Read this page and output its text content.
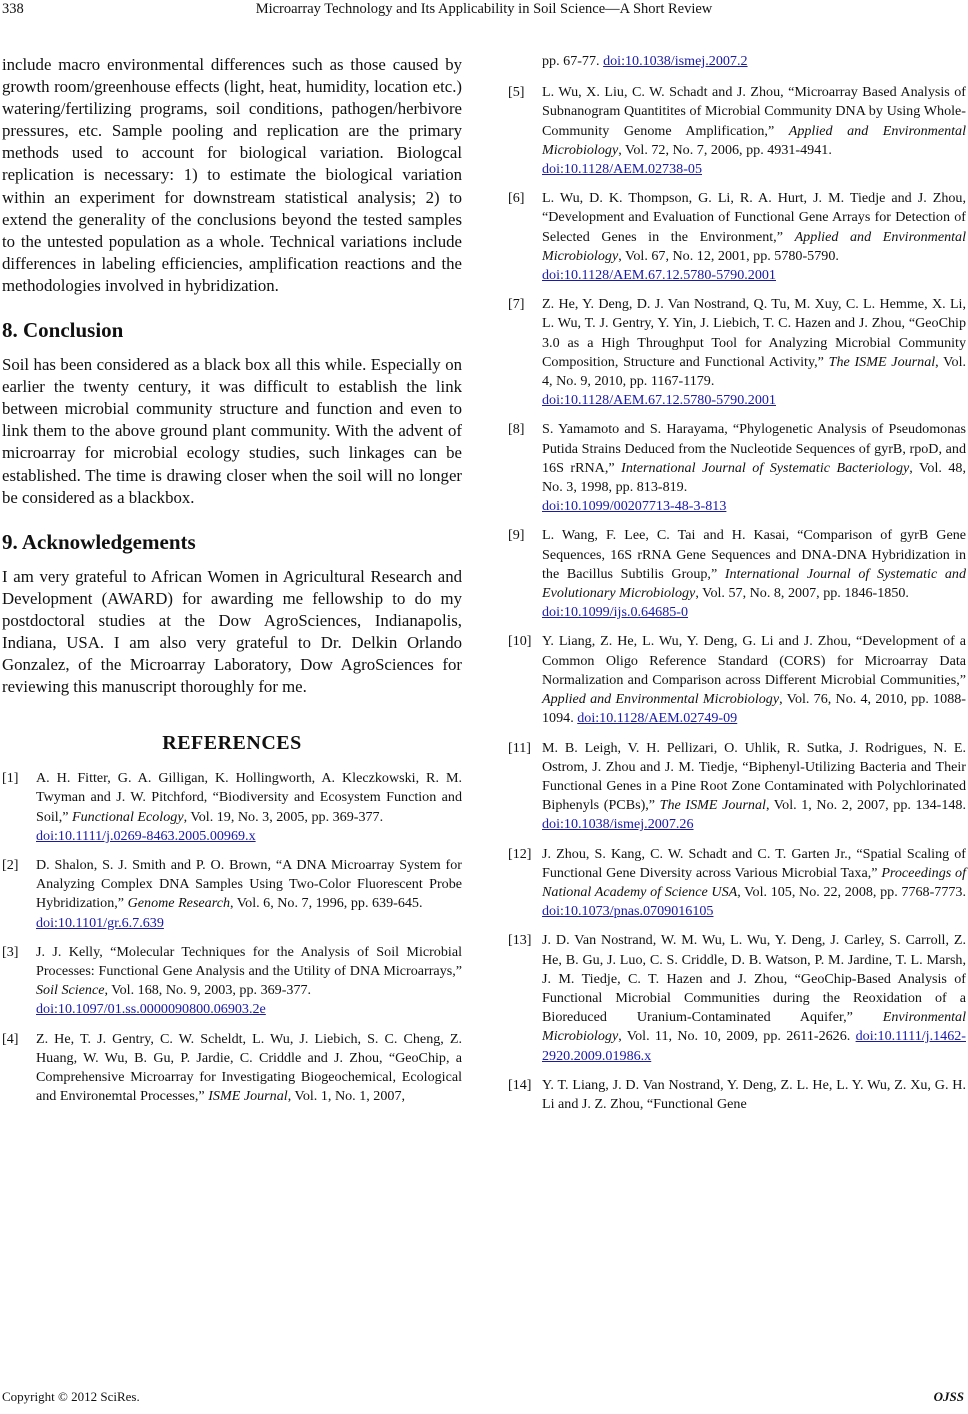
338	Microarray Technology and Its Applicability in Soil Science—A Short Review

include macro environmental differences such as those caused by growth room/greenhouse effects (light, heat, humidity, location etc.) watering/fertilizing programs, soil conditions, pathogen/herbivore pressures, etc. Sample pooling and replication are the primary methods used to account for biological variation. Biologcal replication is necessary: 1) to estimate the biological variation within an experiment for downstream statistical analysis; 2) to extend the generality of the conclusions beyond the tested samples to the untested population as a whole. Technical variations include differences in labeling efficiencies, amplification reactions and the methodologies involved in hybridization.

8. Conclusion

Soil has been considered as a black box all this while. Especially on earlier the twenty century, it was difficult to establish the link between microbial community structure and function and even to link them to the above ground plant community. With the advent of microarray for microbial ecology studies, such linkages can be established. The time is drawing closer when the soil will no longer be considered as a blackbox.

9. Acknowledgements

I am very grateful to African Women in Agricultural Research and Development (AWARD) for awarding me fellowship to do my postdoctoral studies at the Dow AgroSciences, Indianapolis, Indiana, USA. I am also very grateful to Dr. Delkin Orlando Gonzalez, of the Microarray Laboratory, Dow AgroSciences for reviewing this manuscript thoroughly for me.

REFERENCES
[1] A. H. Fitter, G. A. Gilligan, K. Hollingworth, A. Kleczkowski, R. M. Twyman and J. W. Pitchford, “Biodiversity and Ecosystem Function and Soil,” Functional Ecology, Vol. 19, No. 3, 2005, pp. 369-377.
doi:10.1111/j.0269-8463.2005.00969.x
[2] D. Shalon, S. J. Smith and P. O. Brown, “A DNA Microarray System for Analyzing Complex DNA Samples Using Two-Color Fluorescent Probe Hybridization,” Genome Research, Vol. 6, No. 7, 1996, pp. 639-645.
doi:10.1101/gr.6.7.639
[3] J. J. Kelly, “Molecular Techniques for the Analysis of Soil Microbial Processes: Functional Gene Analysis and the Utility of DNA Microarrays,” Soil Science, Vol. 168, No. 9, 2003, pp. 369-377.
doi:10.1097/01.ss.0000090800.06903.2e
[4] Z. He, T. J. Gentry, C. W. Scheldt, L. Wu, J. Liebich, S. C. Cheng, Z. Huang, W. Wu, B. Gu, P. Jardie, C. Criddle and J. Zhou, “GeoChip, a Comprehensive Microarray for Investigating Biogeochemical, Ecological and Environemtal Processes,” ISME Journal, Vol. 1, No. 1, 2007,
pp. 67-77. doi:10.1038/ismej.2007.2
[5] L. Wu, X. Liu, C. W. Schadt and J. Zhou, “Microarray Based Analysis of Subnanogram Quantitites of Microbial Community DNA by Using Whole-Community Genome Amplification,” Applied and Environmental Microbiology, Vol. 72, No. 7, 2006, pp. 4931-4941.
doi:10.1128/AEM.02738-05
[6] L. Wu, D. K. Thompson, G. Li, R. A. Hurt, J. M. Tiedje and J. Zhou, “Development and Evaluation of Functional Gene Arrays for Detection of Selected Genes in the Environment,” Applied and Environmental Microbiology, Vol. 67, No. 12, 2001, pp. 5780-5790.
doi:10.1128/AEM.67.12.5780-5790.2001
[7] Z. He, Y. Deng, D. J. Van Nostrand, Q. Tu, M. Xuy, C. L. Hemme, X. Li, L. Wu, T. J. Gentry, Y. Yin, J. Liebich, T. C. Hazen and J. Zhou, “GeoChip 3.0 as a High Throughput Tool for Analyzing Microbial Community Composition, Structure and Functional Activity,” The ISME Journal, Vol. 4, No. 9, 2010, pp. 1167-1179.
doi:10.1128/AEM.67.12.5780-5790.2001
[8] S. Yamamoto and S. Harayama, “Phylogenetic Analysis of Pseudomonas Putida Strains Deduced from the Nucleotide Sequences of gyrB, rpoD, and 16S rRNA,” International Journal of Systematic Bacteriology, Vol. 48, No. 3, 1998, pp. 813-819.
doi:10.1099/00207713-48-3-813
[9] L. Wang, F. Lee, C. Tai and H. Kasai, “Comparison of gyrB Gene Sequences, 16S rRNA Gene Sequences and DNA-DNA Hybridization in the Bacillus Subtilis Group,” International Journal of Systematic and Evolutionary Microbiology, Vol. 57, No. 8, 2007, pp. 1846-1850.
doi:10.1099/ijs.0.64685-0
[10] Y. Liang, Z. He, L. Wu, Y. Deng, G. Li and J. Zhou, “Development of a Common Oligo Reference Standard (CORS) for Microarray Data Normalization and Comparison across Different Microbial Communities,” Applied and Environmental Microbiology, Vol. 76, No. 4, 2010, pp. 1088-1094. doi:10.1128/AEM.02749-09
[11] M. B. Leigh, V. H. Pellizari, O. Uhlik, R. Sutka, J. Rodrigues, N. E. Ostrom, J. Zhou and J. M. Tiedje, “Biphenyl-Utilizing Bacteria and Their Functional Genes in a Pine Root Zone Contaminated with Polychlorinated Biphenyls (PCBs),” The ISME Journal, Vol. 1, No. 2, 2007, pp. 134-148. doi:10.1038/ismej.2007.26
[12] J. Zhou, S. Kang, C. W. Schadt and C. T. Garten Jr., “Spatial Scaling of Functional Gene Diversity across Various Microbial Taxa,” Proceedings of National Academy of Science USA, Vol. 105, No. 22, 2008, pp. 7768-7773. doi:10.1073/pnas.0709016105
[13] J. D. Van Nostrand, W. M. Wu, L. Wu, Y. Deng, J. Carley, S. Carroll, Z. He, B. Gu, J. Luo, C. S. Criddle, D. B. Watson, P. M. Jardine, T. L. Marsh, J. M. Tiedje, C. T. Hazen and J. Zhou, “GeoChip-Based Analysis of Functional Microbial Communities during the Reoxidation of a Bioreduced Uranium-Contaminated Aquifer,” Environmental Microbiology, Vol. 11, No. 10, 2009, pp. 2611-2626. doi:10.1111/j.1462-2920.2009.01986.x
[14] Y. T. Liang, J. D. Van Nostrand, Y. Deng, Z. L. He, L. Y. Wu, Z. Xu, G. H. Li and J. Z. Zhou, “Functional Gene
Copyright © 2012 SciRes.	OJSS
